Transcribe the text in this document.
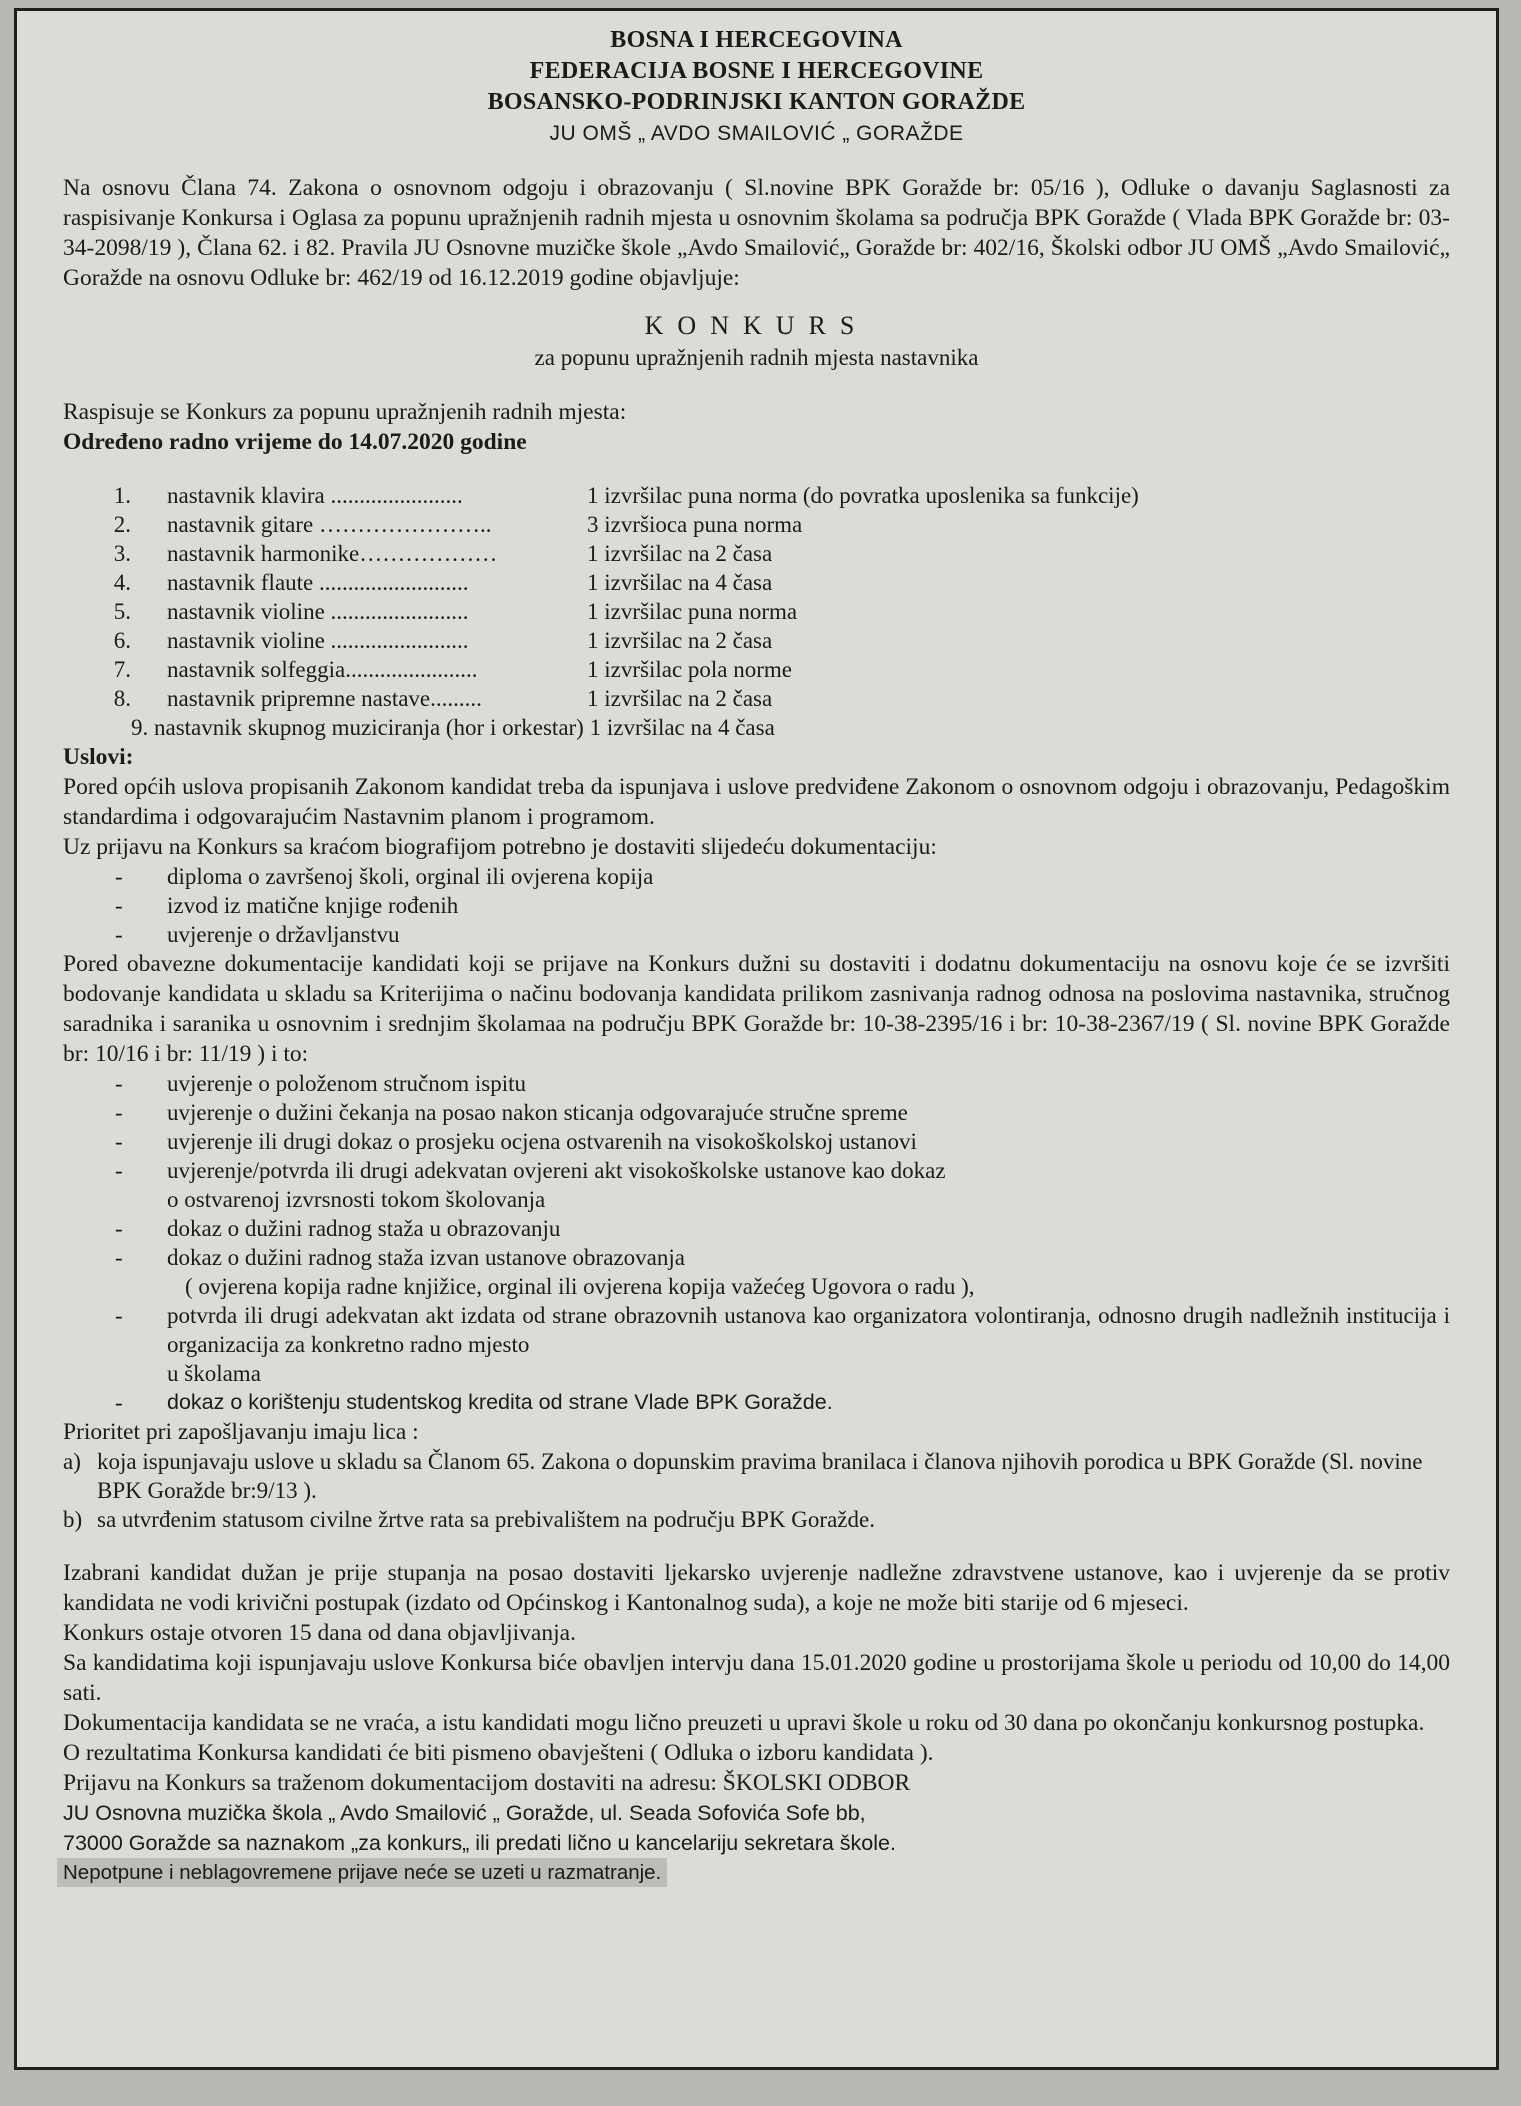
BOSNA I HERCEGOVINA
FEDERACIJA BOSNE I HERCEGOVINE
BOSANSKO-PODRINJSKI KANTON GORAŽDE
JU OMŠ „ AVDO SMAILOVIĆ „ GORAŽDE
Na osnovu Člana 74. Zakona o osnovnom odgoju i obrazovanju ( Sl.novine BPK Goražde br: 05/16 ), Odluke o davanju Saglasnosti za raspisivanje Konkursa i Oglasa za popunu upražnjenih radnih mjesta u osnovnim školama sa područja BPK Goražde ( Vlada BPK Goražde br: 03-34-2098/19 ), Člana 62. i 82. Pravila JU Osnovne muzičke škole „Avdo Smailović„ Goražde br: 402/16, Školski odbor JU OMŠ „Avdo Smailović„ Goražde na osnovu Odluke br: 462/19 od 16.12.2019 godine objavljuje:
KONKURS
za popunu upražnjenih radnih mjesta nastavnika
Raspisuje se Konkurs za popunu upražnjenih radnih mjesta:
Određeno radno vrijeme do 14.07.2020 godine
1.	nastavnik klavira .......................	1 izvršilac puna norma (do povratka uposlenika sa funkcije)
2.	nastavnik gitare …………………..	3 izvršioca puna norma
3.	nastavnik harmonike………………	1 izvršilac na 2 časa
4.	nastavnik flaute ..........................	1 izvršilac na 4 časa
5.	nastavnik violine ........................	1 izvršilac puna norma
6.	nastavnik violine ........................	1 izvršilac na 2 časa
7.	nastavnik solfeggia.......................	1 izvršilac pola norme
8.	nastavnik pripremne nastave.........	1 izvršilac na 2 časa
9. nastavnik skupnog muziciranja (hor i orkestar) 1 izvršilac na 4 časa
Uslovi:
Pored općih uslova propisanih Zakonom kandidat treba da ispunjava i uslove predviđene Zakonom o osnovnom odgoju i obrazovanju, Pedagoškim standardima i odgovarajućim Nastavnim planom i programom.
Uz prijavu na Konkurs sa kraćom biografijom potrebno je dostaviti slijedeću dokumentaciju:
-	diploma o završenoj školi, orginal ili ovjerena kopija
-	izvod iz matične knjige rođenih
-	uvjerenje o državljanstvu
Pored obavezne dokumentacije kandidati koji se prijave na Konkurs dužni su dostaviti i dodatnu dokumentaciju na osnovu koje će se izvršiti bodovanje kandidata u skladu sa Kriterijima o načinu bodovanja kandidata prilikom zasnivanja radnog odnosa na poslovima nastavnika, stručnog saradnika i saranika u osnovnim i srednjim školamaa na području BPK Goražde br: 10-38-2395/16 i br: 10-38-2367/19 ( Sl. novine BPK Goražde br: 10/16 i br: 11/19 ) i to:
-	uvjerenje o položenom stručnom ispitu
-	uvjerenje o dužini čekanja na posao nakon sticanja odgovarajuće stručne spreme
-	uvjerenje ili drugi dokaz o prosjeku ocjena ostvarenih na visokoškolskoj ustanovi
-	uvjerenje/potvrda ili drugi adekvatan ovjereni akt visokoškolske ustanove kao dokaz
o ostvarenoj izvrsnosti tokom školovanja
-	dokaz o dužini radnog staža u obrazovanju
-	dokaz o dužini radnog staža izvan ustanove obrazovanja
( ovjerena kopija radne knjižice, orginal ili ovjerena kopija važećeg Ugovora o radu ),
-	potvrda ili drugi adekvatan akt izdata od strane obrazovnih ustanova kao organizatora volontiranja, odnosno drugih nadležnih institucija i organizacija za konkretno radno mjesto
u školama
-	dokaz o korištenju studentskog kredita od strane Vlade BPK Goražde.
Prioritet pri zapošljavanju imaju lica :
a) koja ispunjavaju uslove u skladu sa Članom 65. Zakona o dopunskim pravima branilaca i članova njihovih porodica u BPK Goražde (Sl. novine BPK Goražde br:9/13 ).
b) sa utvrđenim statusom civilne žrtve rata sa prebivalištem na području BPK Goražde.
Izabrani kandidat dužan je prije stupanja na posao dostaviti ljekarsko uvjerenje nadležne zdravstvene ustanove, kao i uvjerenje da se protiv kandidata ne vodi krivični postupak (izdato od Općinskog i Kantonalnog suda), a koje ne može biti starije od 6 mjeseci.
Konkurs ostaje otvoren 15 dana od dana objavljivanja.
Sa kandidatima koji ispunjavaju uslove Konkursa biće obavljen intervju dana 15.01.2020 godine u prostorijama škole u periodu od 10,00 do 14,00 sati.
Dokumentacija kandidata se ne vraća, a istu kandidati mogu lično preuzeti u upravi škole u roku od 30 dana po okončanju konkursnog postupka.
O rezultatima Konkursa kandidati će biti pismeno obavješteni ( Odluka o izboru kandidata ).
Prijavu na Konkurs sa traženom dokumentacijom dostaviti na adresu: ŠKOLSKI ODBOR
JU Osnovna muzička škola „ Avdo Smailović „ Goražde, ul. Seada Sofovića Sofe bb,
73000 Goražde sa naznakom „za konkurs„ ili predati lično u kancelariju sekretara škole.
Nepotpune i neblagovremene prijave neće se uzeti u razmatranje.
